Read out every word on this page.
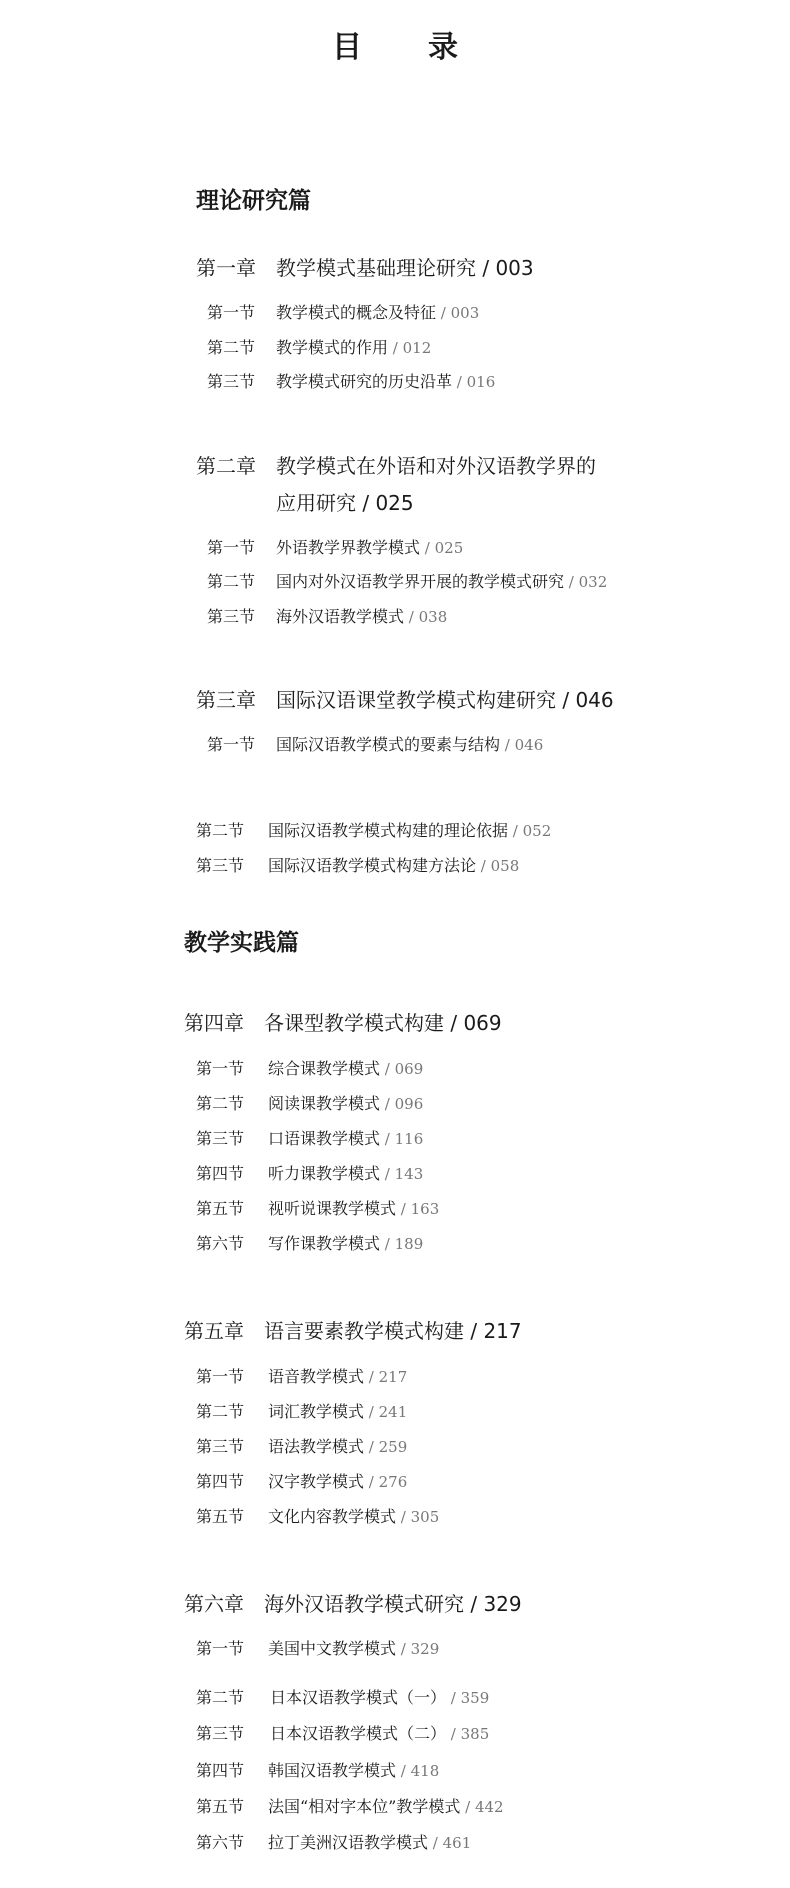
目　录
理论研究篇
第一章 教学模式基础理论研究 / 003
第一节 教学模式的概念及特征 / 003
第二节 教学模式的作用 / 012
第三节 教学模式研究的历史沿革 / 016
第二章 教学模式在外语和对外汉语教学界的
应用研究 / 025
第一节 外语教学界教学模式 / 025
第二节 国内对外汉语教学界开展的教学模式研究 / 032
第三节 海外汉语教学模式 / 038
第三章 国际汉语课堂教学模式构建研究 / 046
第一节 国际汉语教学模式的要素与结构 / 046
第二节 国际汉语教学模式构建的理论依据 / 052
第三节 国际汉语教学模式构建方法论 / 058
教学实践篇
第四章 各课型教学模式构建 / 069
第一节 综合课教学模式 / 069
第二节 阅读课教学模式 / 096
第三节 口语课教学模式 / 116
第四节 听力课教学模式 / 143
第五节 视听说课教学模式 / 163
第六节 写作课教学模式 / 189
第五章 语言要素教学模式构建 / 217
第一节 语音教学模式 / 217
第二节 词汇教学模式 / 241
第三节 语法教学模式 / 259
第四节 汉字教学模式 / 276
第五节 文化内容教学模式 / 305
第六章 海外汉语教学模式研究 / 329
第一节 美国中文教学模式 / 329
第二节 日本汉语教学模式（一） / 359
第三节 日本汉语教学模式（二） / 385
第四节 韩国汉语教学模式 / 418
第五节 法国“相对字本位”教学模式 / 442
第六节 拉丁美洲汉语教学模式 / 461
